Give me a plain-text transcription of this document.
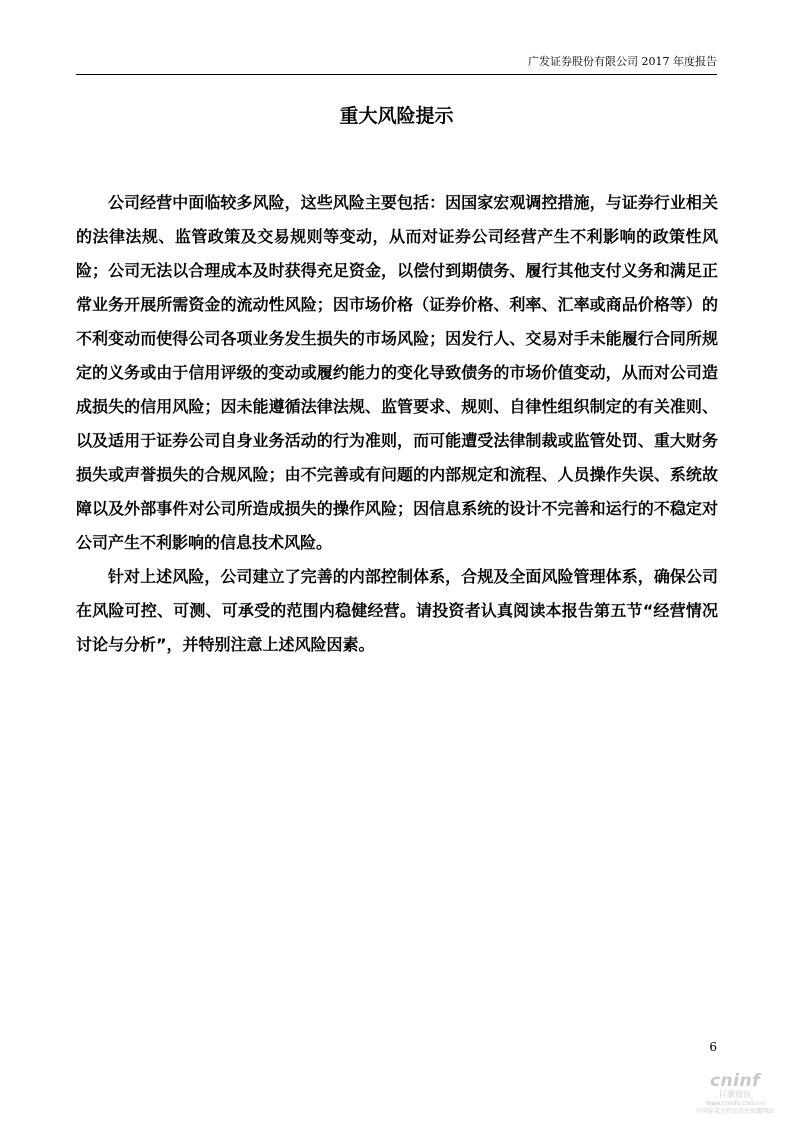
广发证券股份有限公司 2017 年度报告
重大风险提示

公司经营中面临较多风险，这些风险主要包括：因国家宏观调控措施，与证券行业相关的法律法规、监管政策及交易规则等变动，从而对证券公司经营产生不利影响的政策性风险；公司无法以合理成本及时获得充足资金，以偿付到期债务、履行其他支付义务和满足正常业务开展所需资金的流动性风险；因市场价格（证券价格、利率、汇率或商品价格等）的不利变动而使得公司各项业务发生损失的市场风险；因发行人、交易对手未能履行合同所规定的义务或由于信用评级的变动或履约能力的变化导致债务的市场价值变动，从而对公司造成损失的信用风险；因未能遵循法律法规、监管要求、规则、自律性组织制定的有关准则、以及适用于证券公司自身业务活动的行为准则，而可能遭受法律制裁或监管处罚、重大财务损失或声誉损失的合规风险；由不完善或有问题的内部规定和流程、人员操作失误、系统故障以及外部事件对公司所造成损失的操作风险；因信息系统的设计不完善和运行的不稳定对公司产生不利影响的信息技术风险。

针对上述风险，公司建立了完善的内部控制体系，合规及全面风险管理体系，确保公司在风险可控、可测、可承受的范围内稳健经营。请投资者认真阅读本报告第五节“经营情况讨论与分析”，并特别注意上述风险因素。

6
cninf
巨潮资讯
www.cninfo.com.cn
中国证监会指定信息披露网站
